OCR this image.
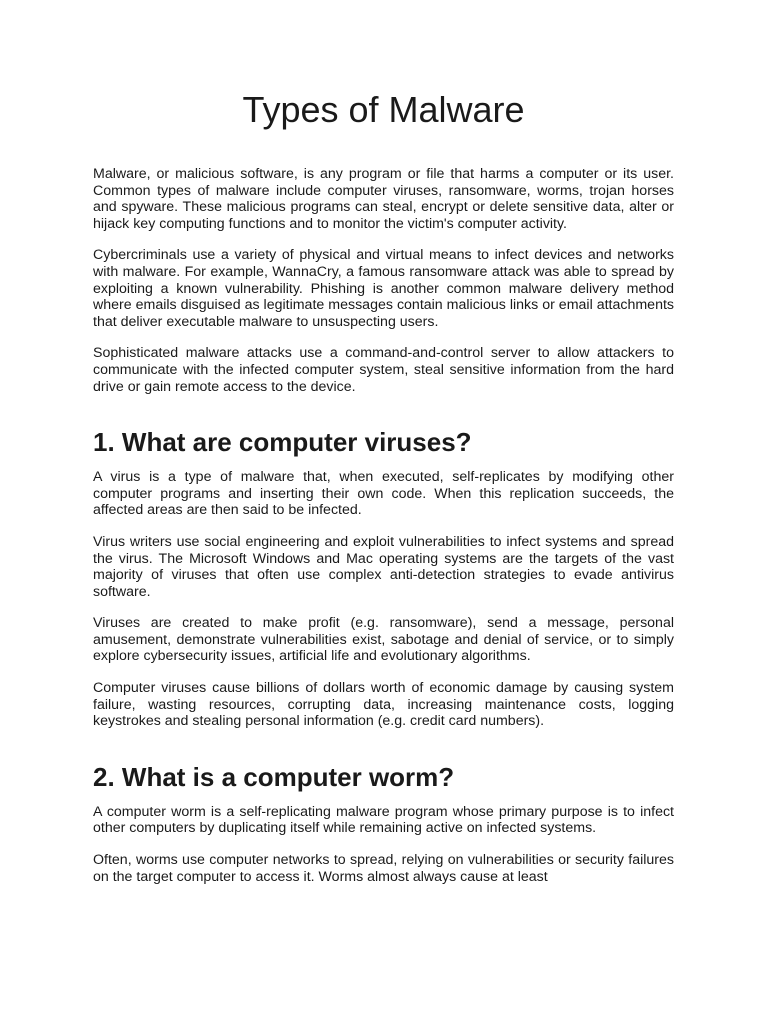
Types of Malware

Malware, or malicious software, is any program or file that harms a computer or its user. Common types of malware include computer viruses, ransomware, worms, trojan horses and spyware. These malicious programs can steal, encrypt or delete sensitive data, alter or hijack key computing functions and to monitor the victim's computer activity.

Cybercriminals use a variety of physical and virtual means to infect devices and networks with malware. For example, WannaCry, a famous ransomware attack was able to spread by exploiting a known vulnerability. Phishing is another common malware delivery method where emails disguised as legitimate messages contain malicious links or email attachments that deliver executable malware to unsuspecting users.

Sophisticated malware attacks use a command-and-control server to allow attackers to communicate with the infected computer system, steal sensitive information from the hard drive or gain remote access to the device.

1. What are computer viruses?

A virus is a type of malware that, when executed, self-replicates by modifying other computer programs and inserting their own code. When this replication succeeds, the affected areas are then said to be infected.

Virus writers use social engineering and exploit vulnerabilities to infect systems and spread the virus. The Microsoft Windows and Mac operating systems are the targets of the vast majority of viruses that often use complex anti-detection strategies to evade antivirus software.

Viruses are created to make profit (e.g. ransomware), send a message, personal amusement, demonstrate vulnerabilities exist, sabotage and denial of service, or to simply explore cybersecurity issues, artificial life and evolutionary algorithms.

Computer viruses cause billions of dollars worth of economic damage by causing system failure, wasting resources, corrupting data, increasing maintenance costs, logging keystrokes and stealing personal information (e.g. credit card numbers).

2. What is a computer worm?

A computer worm is a self-replicating malware program whose primary purpose is to infect other computers by duplicating itself while remaining active on infected systems.

Often, worms use computer networks to spread, relying on vulnerabilities or security failures on the target computer to access it. Worms almost always cause at least
